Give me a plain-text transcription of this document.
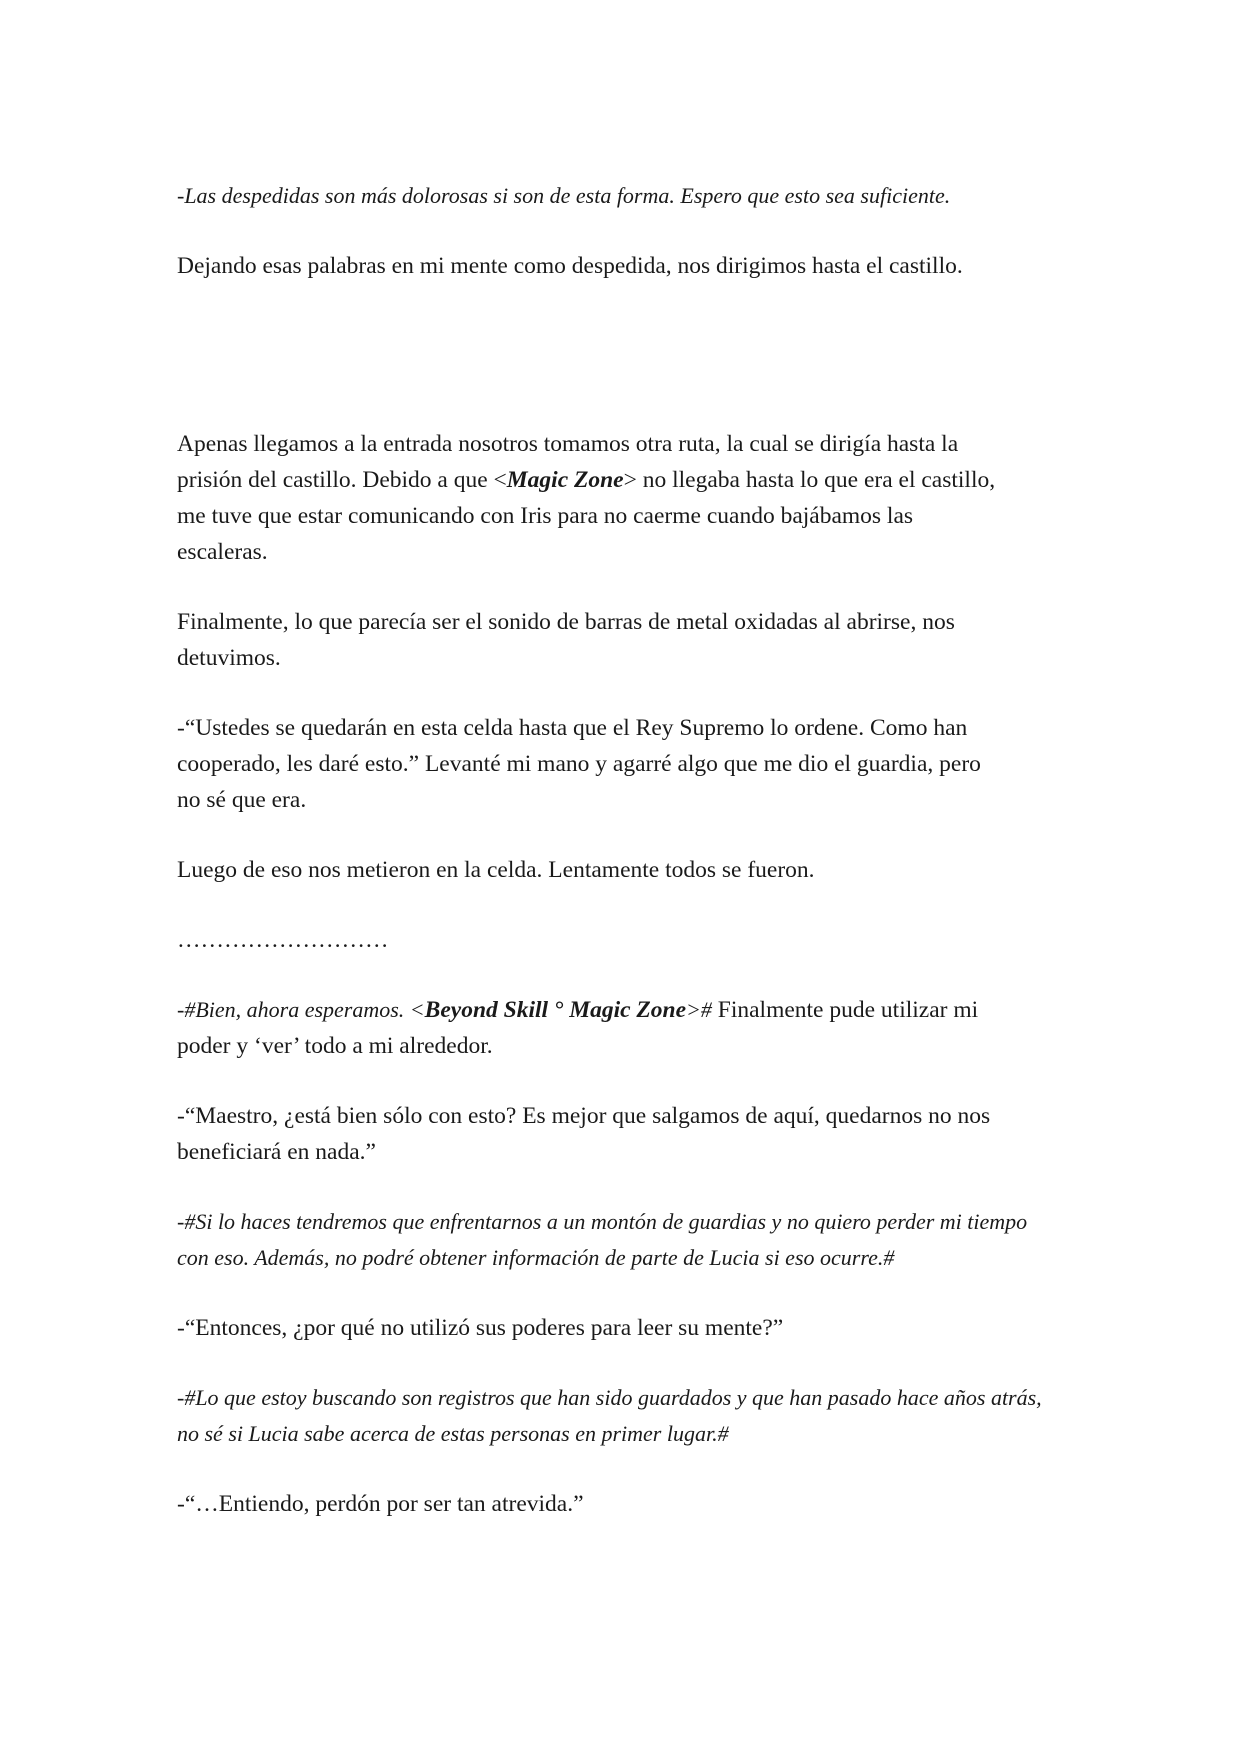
-Las despedidas son más dolorosas si son de esta forma. Espero que esto sea suficiente.

Dejando esas palabras en mi mente como despedida, nos dirigimos hasta el castillo.

Apenas llegamos a la entrada nosotros tomamos otra ruta, la cual se dirigía hasta la

prisión del castillo. Debido a que <Magic Zone> no llegaba hasta lo que era el castillo,

me tuve que estar comunicando con Iris para no caerme cuando bajábamos las

escaleras.

Finalmente, lo que parecía ser el sonido de barras de metal oxidadas al abrirse, nos

detuvimos.

-“Ustedes se quedarán en esta celda hasta que el Rey Supremo lo ordene. Como han

cooperado, les daré esto.” Levanté mi mano y agarré algo que me dio el guardia, pero

no sé que era.

Luego de eso nos metieron en la celda. Lentamente todos se fueron.

………………………

-#Bien, ahora esperamos. <Beyond Skill ° Magic Zone># Finalmente pude utilizar mi

poder y ‘ver’ todo a mi alrededor.

-“Maestro, ¿está bien sólo con esto? Es mejor que salgamos de aquí, quedarnos no nos

beneficiará en nada.”

-#Si lo haces tendremos que enfrentarnos a un montón de guardias y no quiero perder mi tiempo

con eso. Además, no podré obtener información de parte de Lucia si eso ocurre.#

-“Entonces, ¿por qué no utilizó sus poderes para leer su mente?”

-#Lo que estoy buscando son registros que han sido guardados y que han pasado hace años atrás,

no sé si Lucia sabe acerca de estas personas en primer lugar.#

-“…Entiendo, perdón por ser tan atrevida.”
